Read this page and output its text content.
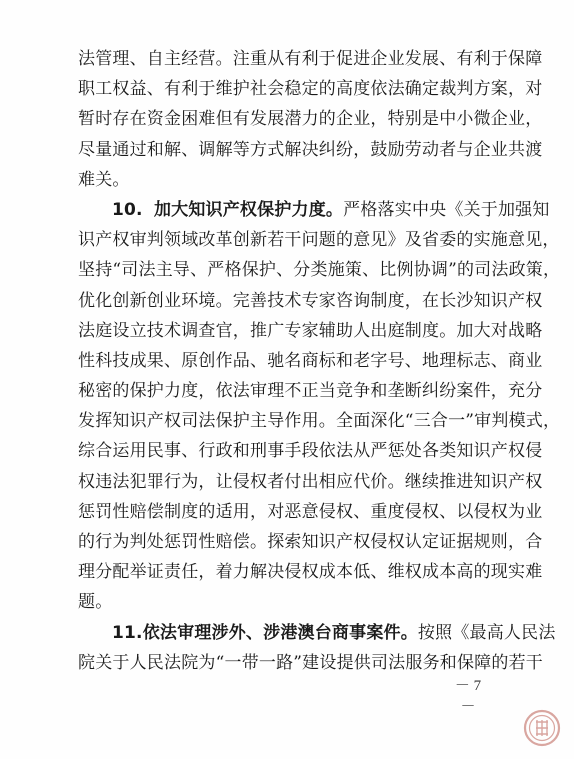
法管理、自主经营。注重从有利于促进企业发展、有利于保障
职工权益、有利于维护社会稳定的高度依法确定裁判方案，对
暂时存在资金困难但有发展潜力的企业，特别是中小微企业，
尽量通过和解、调解等方式解决纠纷，鼓励劳动者与企业共渡
难关。
10. 加大知识产权保护力度。严格落实中央《关于加强知
识产权审判领域改革创新若干问题的意见》及省委的实施意见，
坚持“司法主导、严格保护、分类施策、比例协调”的司法政策，
优化创新创业环境。完善技术专家咨询制度，在长沙知识产权
法庭设立技术调查官，推广专家辅助人出庭制度。加大对战略
性科技成果、原创作品、驰名商标和老字号、地理标志、商业
秘密的保护力度，依法审理不正当竞争和垄断纠纷案件，充分
发挥知识产权司法保护主导作用。全面深化“三合一”审判模式，
综合运用民事、行政和刑事手段依法从严惩处各类知识产权侵
权违法犯罪行为，让侵权者付出相应代价。继续推进知识产权
惩罚性赔偿制度的适用，对恶意侵权、重度侵权、以侵权为业
的行为判处惩罚性赔偿。探索知识产权侵权认定证据规则，合
理分配举证责任，着力解决侵权成本低、维权成本高的现实难
题。
11.依法审理涉外、涉港澳台商事案件。按照《最高人民法
院关于人民法院为“一带一路”建设提供司法服务和保障的若干
－ 7 －
